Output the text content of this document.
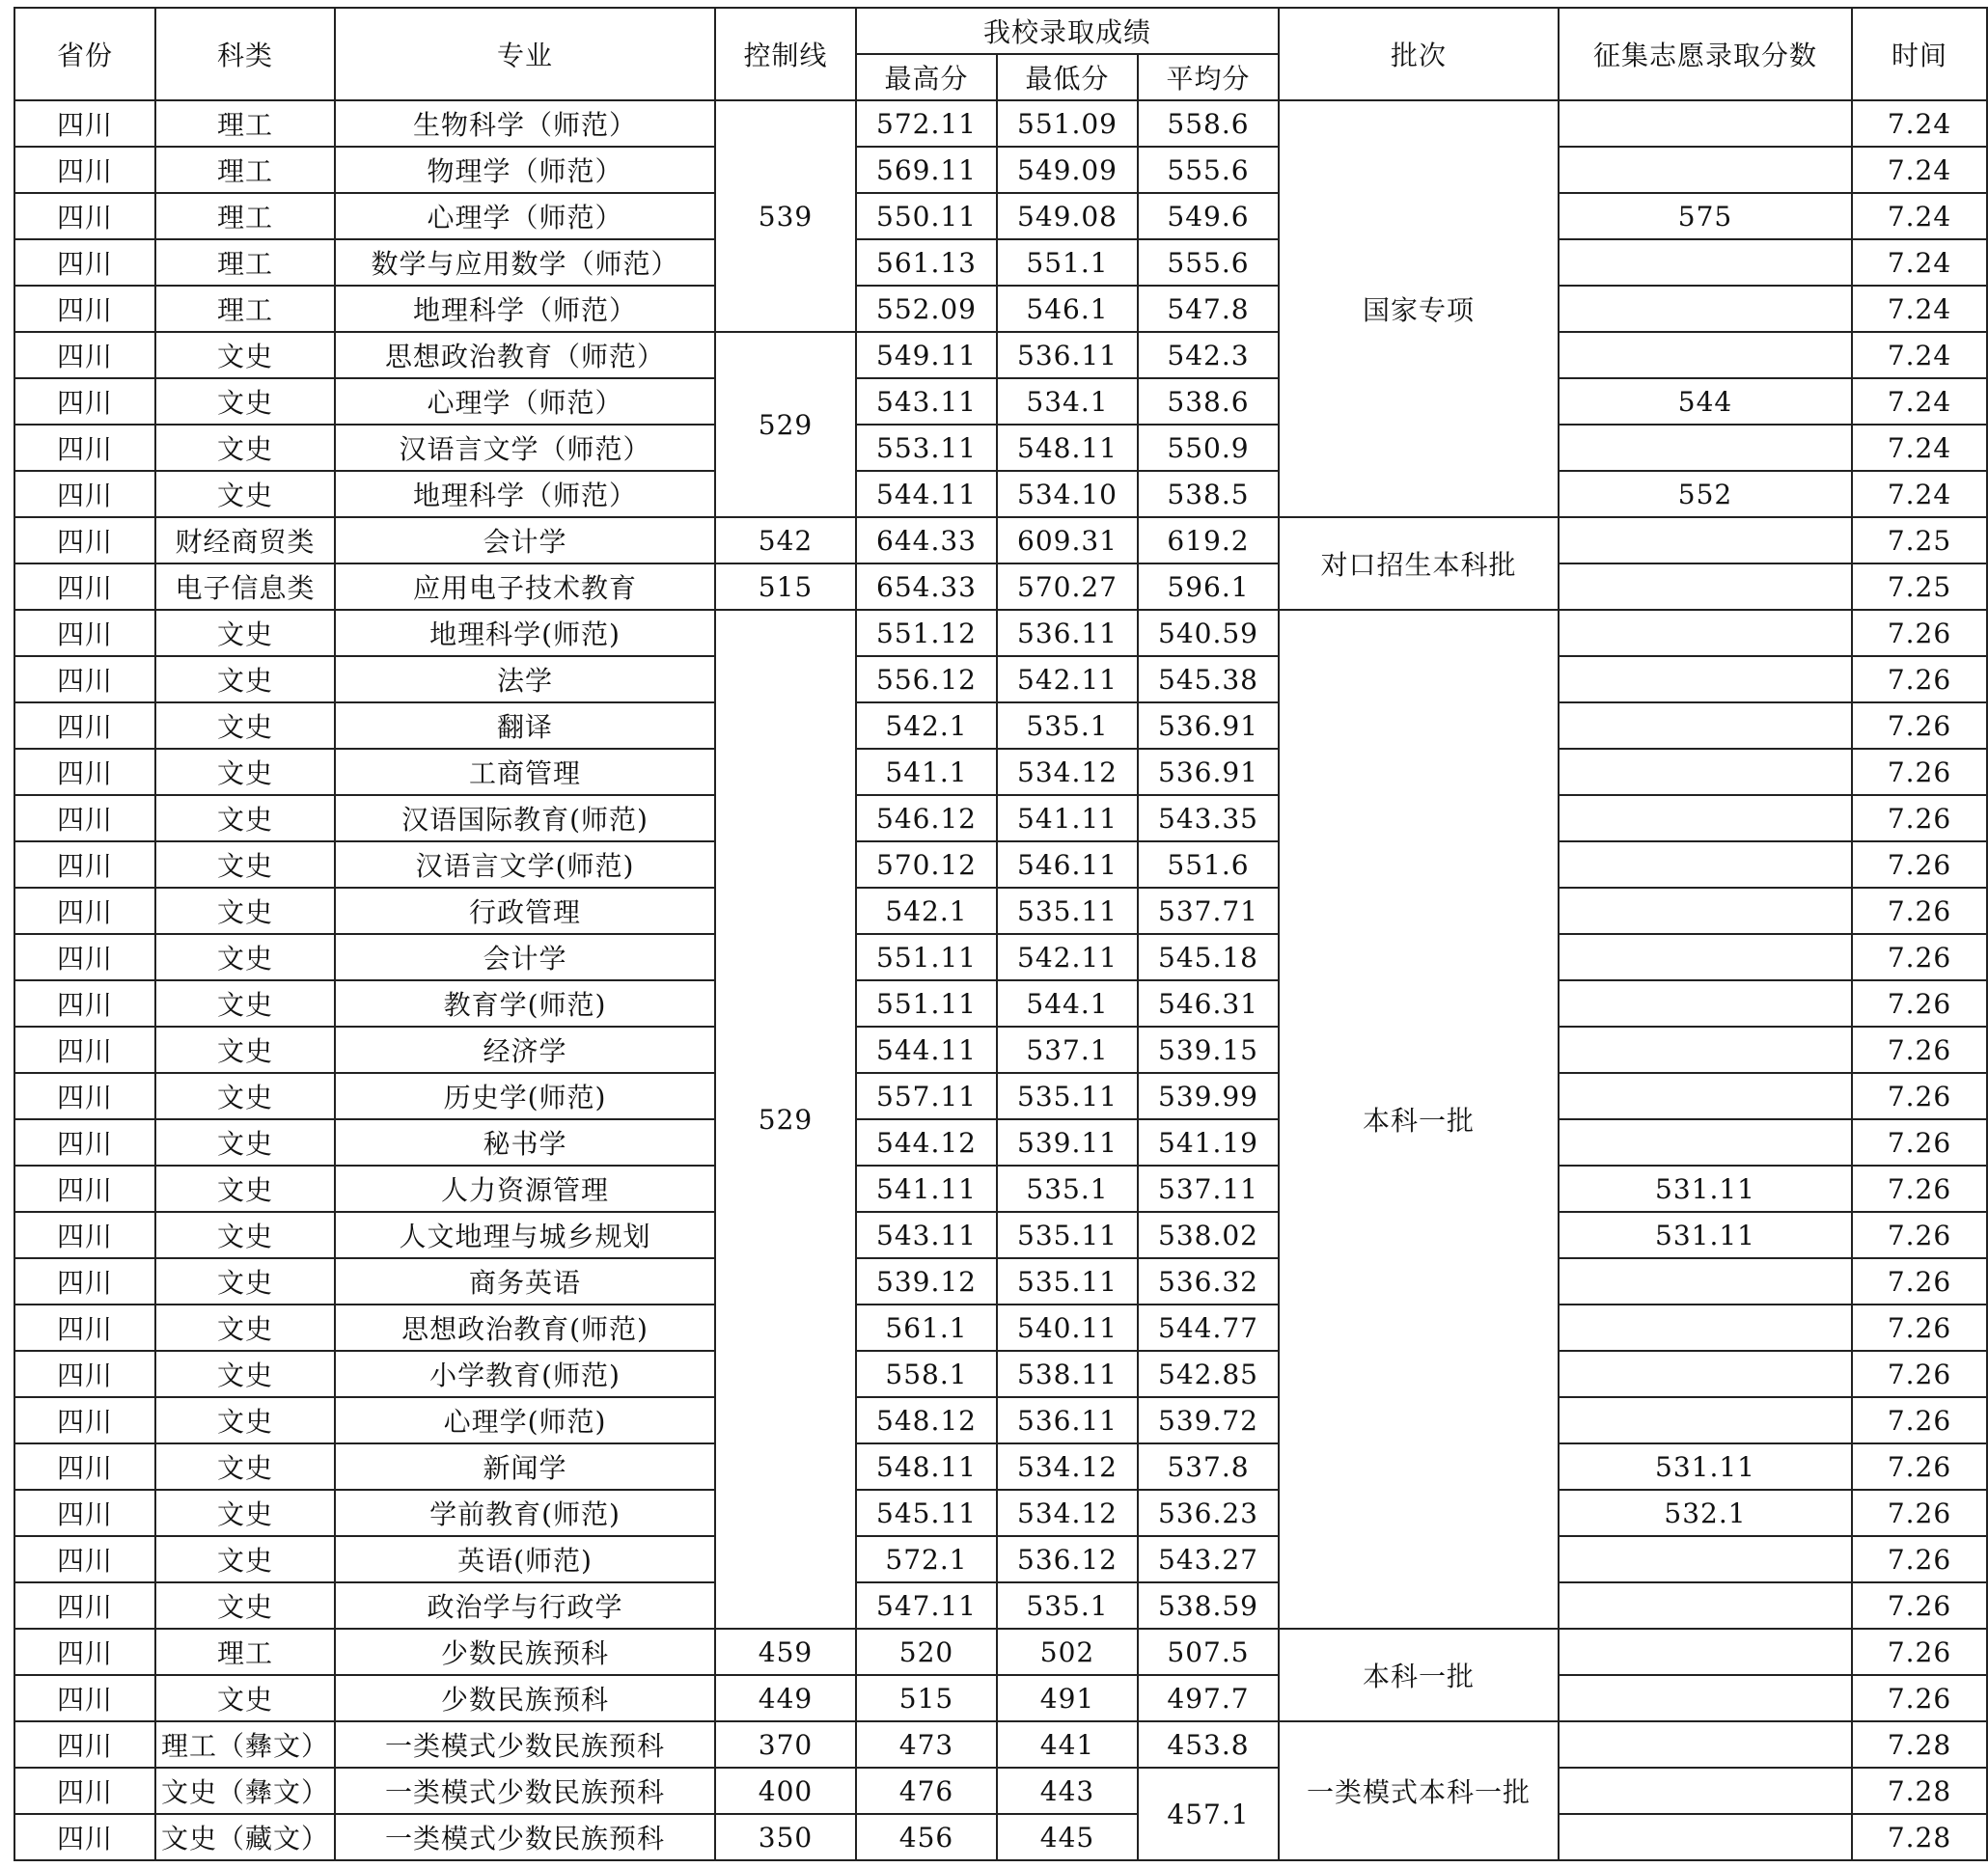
省份	科类	专业	控制线	我校录取成绩			批次	征集志愿录取分数	时间
				最高分	最低分	平均分			
四川	理工	生物科学（师范）	539	572.11	551.09	558.6	国家专项		7.24
四川	理工	物理学（师范）		569.11	549.09	555.6			7.24
四川	理工	心理学（师范）		550.11	549.08	549.6		575	7.24
四川	理工	数学与应用数学（师范）		561.13	551.1	555.6			7.24
四川	理工	地理科学（师范）		552.09	546.1	547.8			7.24
四川	文史	思想政治教育（师范）	529	549.11	536.11	542.3			7.24
四川	文史	心理学（师范）		543.11	534.1	538.6		544	7.24
四川	文史	汉语言文学（师范）		553.11	548.11	550.9			7.24
四川	文史	地理科学（师范）		544.11	534.10	538.5		552	7.24
四川	财经商贸类	会计学	542	644.33	609.31	619.2	对口招生本科批		7.25
四川	电子信息类	应用电子技术教育	515	654.33	570.27	596.1			7.25
四川	文史	地理科学(师范)	529	551.12	536.11	540.59	本科一批		7.26
四川	文史	法学		556.12	542.11	545.38			7.26
四川	文史	翻译		542.1	535.1	536.91			7.26
四川	文史	工商管理		541.1	534.12	536.91			7.26
四川	文史	汉语国际教育(师范)		546.12	541.11	543.35			7.26
四川	文史	汉语言文学(师范)		570.12	546.11	551.6			7.26
四川	文史	行政管理		542.1	535.11	537.71			7.26
四川	文史	会计学		551.11	542.11	545.18			7.26
四川	文史	教育学(师范)		551.11	544.1	546.31			7.26
四川	文史	经济学		544.11	537.1	539.15			7.26
四川	文史	历史学(师范)		557.11	535.11	539.99			7.26
四川	文史	秘书学		544.12	539.11	541.19			7.26
四川	文史	人力资源管理		541.11	535.1	537.11		531.11	7.26
四川	文史	人文地理与城乡规划		543.11	535.11	538.02		531.11	7.26
四川	文史	商务英语		539.12	535.11	536.32			7.26
四川	文史	思想政治教育(师范)		561.1	540.11	544.77			7.26
四川	文史	小学教育(师范)		558.1	538.11	542.85			7.26
四川	文史	心理学(师范)		548.12	536.11	539.72			7.26
四川	文史	新闻学		548.11	534.12	537.8		531.11	7.26
四川	文史	学前教育(师范)		545.11	534.12	536.23		532.1	7.26
四川	文史	英语(师范)		572.1	536.12	543.27			7.26
四川	文史	政治学与行政学		547.11	535.1	538.59			7.26
四川	理工	少数民族预科	459	520	502	507.5	本科一批		7.26
四川	文史	少数民族预科	449	515	491	497.7			7.26
四川	理工（彝文）	一类模式少数民族预科	370	473	441	453.8	一类模式本科一批		7.28
四川	文史（彝文）	一类模式少数民族预科	400	476	443	457.1			7.28
四川	文史（藏文）	一类模式少数民族预科	350	456	445				7.28
